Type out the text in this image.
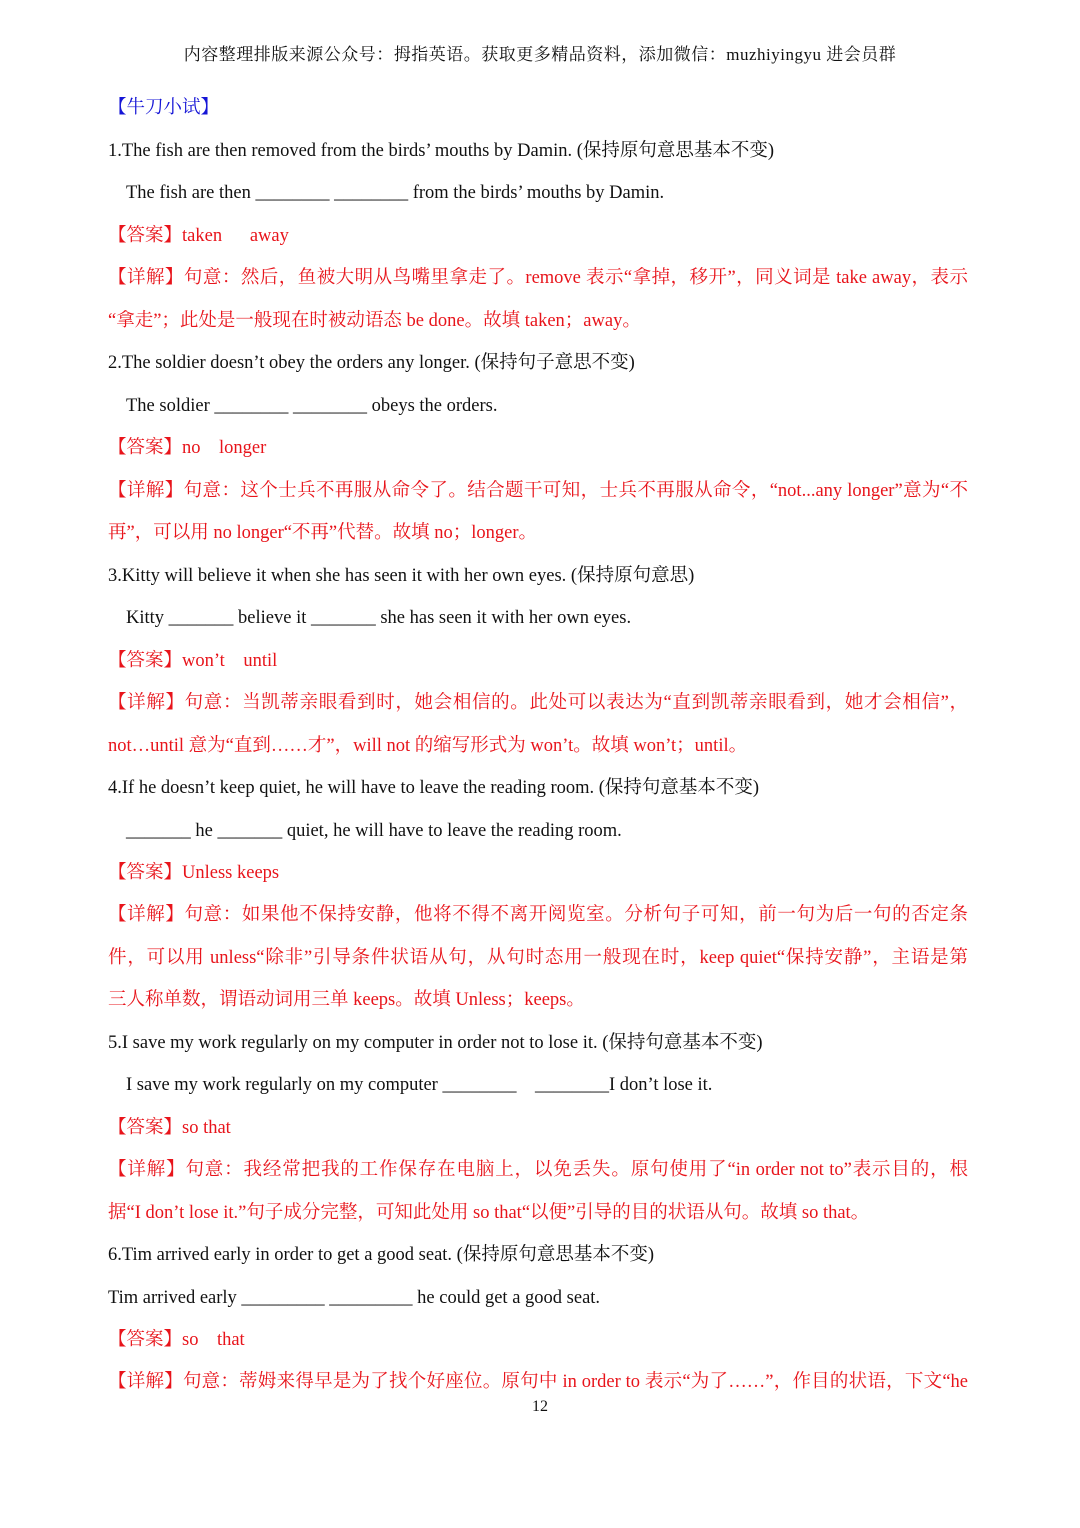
内容整理排版来源公众号：拇指英语。获取更多精品资料，添加微信：muzhiyingyu 进会员群
【牛刀小试】
1.The fish are then removed from the birds’ mouths by Damin. (保持原句意思基本不变)
The fish are then ________ ________ from the birds’ mouths by Damin.
【答案】taken      away
【详解】句意：然后，鱼被大明从鸟嘴里拿走了。remove 表示“拿掉，移开”，同义词是 take away，表示
“拿走”；此处是一般现在时被动语态 be done。故填 taken；away。
2.The soldier doesn’t obey the orders any longer. (保持句子意思不变)
The soldier ________ ________ obeys the orders.
【答案】no    longer
【详解】句意：这个士兵不再服从命令了。结合题干可知，士兵不再服从命令，“not...any longer”意为“不
再”，可以用 no longer“不再”代替。故填 no；longer。
3.Kitty will believe it when she has seen it with her own eyes. (保持原句意思)
Kitty _______ believe it _______ she has seen it with her own eyes.
【答案】won’t    until
【详解】句意：当凯蒂亲眼看到时，她会相信的。此处可以表达为“直到凯蒂亲眼看到，她才会相信”，
not…until 意为“直到……才”，will not 的缩写形式为 won’t。故填 won’t；until。
4.If he doesn’t keep quiet, he will have to leave the reading room. (保持句意基本不变)
_______ he _______ quiet, he will have to leave the reading room.
【答案】Unless keeps
【详解】句意：如果他不保持安静，他将不得不离开阅览室。分析句子可知，前一句为后一句的否定条
件，可以用 unless“除非”引导条件状语从句，从句时态用一般现在时，keep quiet“保持安静”，主语是第
三人称单数，谓语动词用三单 keeps。故填 Unless；keeps。
5.I save my work regularly on my computer in order not to lose it. (保持句意基本不变)
I save my work regularly on my computer ________    ________I don’t lose it.
【答案】so that
【详解】句意：我经常把我的工作保存在电脑上，以免丢失。原句使用了“in order not to”表示目的，根
据“I don’t lose it.”句子成分完整，可知此处用 so that“以便”引导的目的状语从句。故填 so that。
6.Tim arrived early in order to get a good seat. (保持原句意思基本不变)
Tim arrived early _________ _________ he could get a good seat.
【答案】so    that
【详解】句意：蒂姆来得早是为了找个好座位。原句中 in order to 表示“为了……”，作目的状语，下文“he
12
